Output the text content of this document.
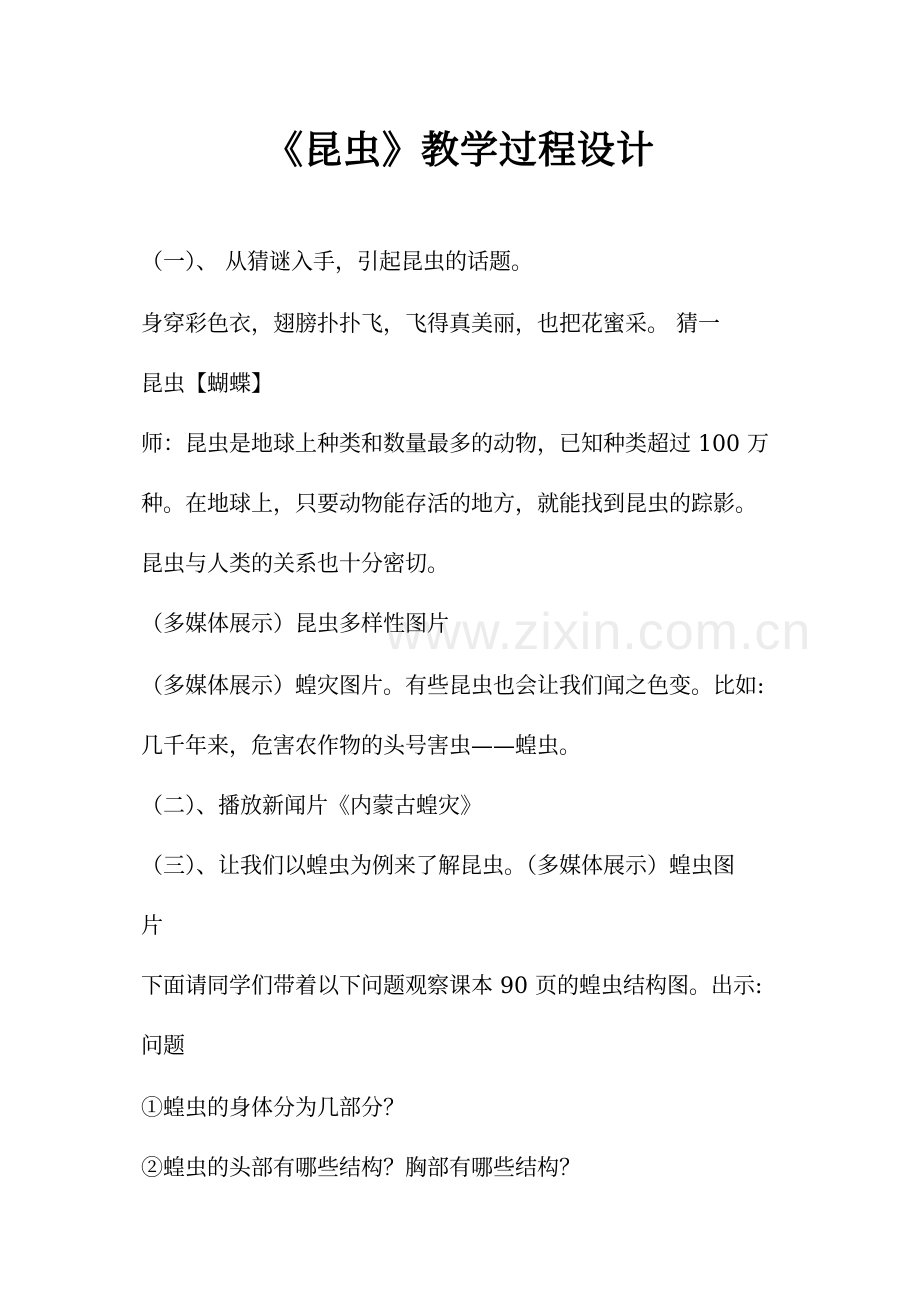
《昆虫》教学过程设计
www.zixin.com.cn

（一）、 从猜谜入手，引起昆虫的话题。

身穿彩色衣，翅膀扑扑飞，飞得真美丽，也把花蜜采。 猜一

昆虫【蝴蝶】

师：昆虫是地球上种类和数量最多的动物，已知种类超过 100 万

种。在地球上，只要动物能存活的地方，就能找到昆虫的踪影。

昆虫与人类的关系也十分密切。

（多媒体展示）昆虫多样性图片

（多媒体展示）蝗灾图片。有些昆虫也会让我们闻之色变。比如:

几千年来，危害农作物的头号害虫——蝗虫。

（二）、播放新闻片《内蒙古蝗灾》

（三）、让我们以蝗虫为例来了解昆虫。（多媒体展示）蝗虫图

片

下面请同学们带着以下问题观察课本 90 页的蝗虫结构图。出示:

问题

①蝗虫的身体分为几部分？

②蝗虫的头部有哪些结构？胸部有哪些结构？
